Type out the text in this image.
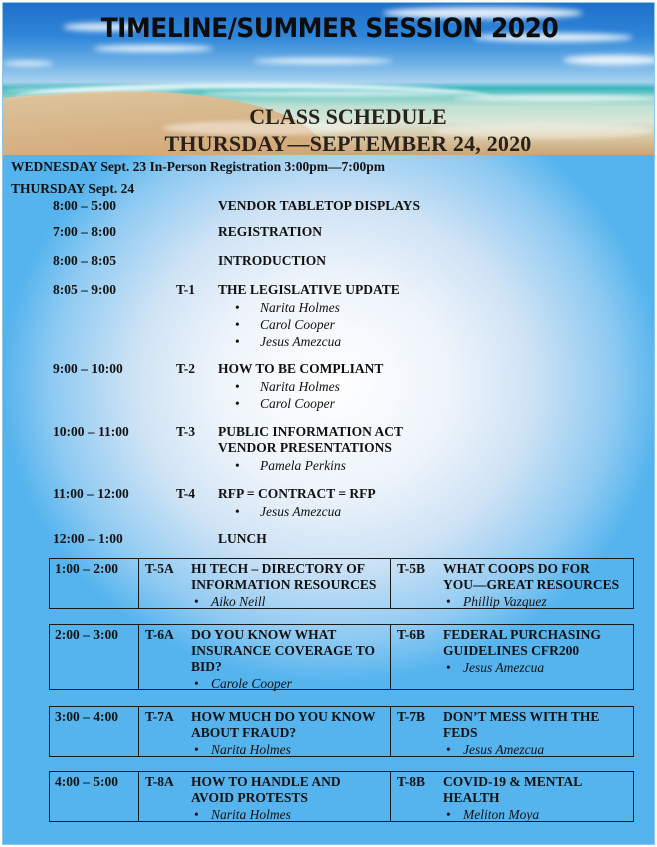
TIMELINE/SUMMER SESSION 2020
CLASS SCHEDULE
THURSDAY—SEPTEMBER 24, 2020
WEDNESDAY Sept. 23 In-Person Registration 3:00pm—7:00pm
THURSDAY Sept. 24
8:00 – 5:00	VENDOR TABLETOP DISPLAYS
7:00 – 8:00	REGISTRATION
8:00 – 8:05	INTRODUCTION
8:05 – 9:00	T-1 THE LEGISLATIVE UPDATE
• Narita Holmes
• Carol Cooper
• Jesus Amezcua
9:00 – 10:00	T-2 HOW TO BE COMPLIANT
• Narita Holmes
• Carol Cooper
10:00 – 11:00	T-3 PUBLIC INFORMATION ACT
VENDOR PRESENTATIONS
• Pamela Perkins
11:00 – 12:00	T-4 RFP = CONTRACT = RFP
• Jesus Amezcua
12:00 – 1:00	LUNCH
1:00 – 2:00	T-5A	HI TECH – DIRECTORY OF
INFORMATION RESOURCES
• Aiko Neill
T-5B	WHAT COOPS DO FOR
YOU—GREAT RESOURCES
• Phillip Vazquez
2:00 – 3:00	T-6A	DO YOU KNOW WHAT
INSURANCE COVERAGE TO
BID?
• Carole Cooper
T-6B	FEDERAL PURCHASING
GUIDELINES CFR200
• Jesus Amezcua
3:00 – 4:00	T-7A	HOW MUCH DO YOU KNOW
ABOUT FRAUD?
• Narita Holmes
T-7B	DON’T MESS WITH THE
FEDS
• Jesus Amezcua
4:00 – 5:00	T-8A	HOW TO HANDLE AND
AVOID PROTESTS
• Narita Holmes
T-8B	COVID-19 & MENTAL
HEALTH
• Meliton Moya
